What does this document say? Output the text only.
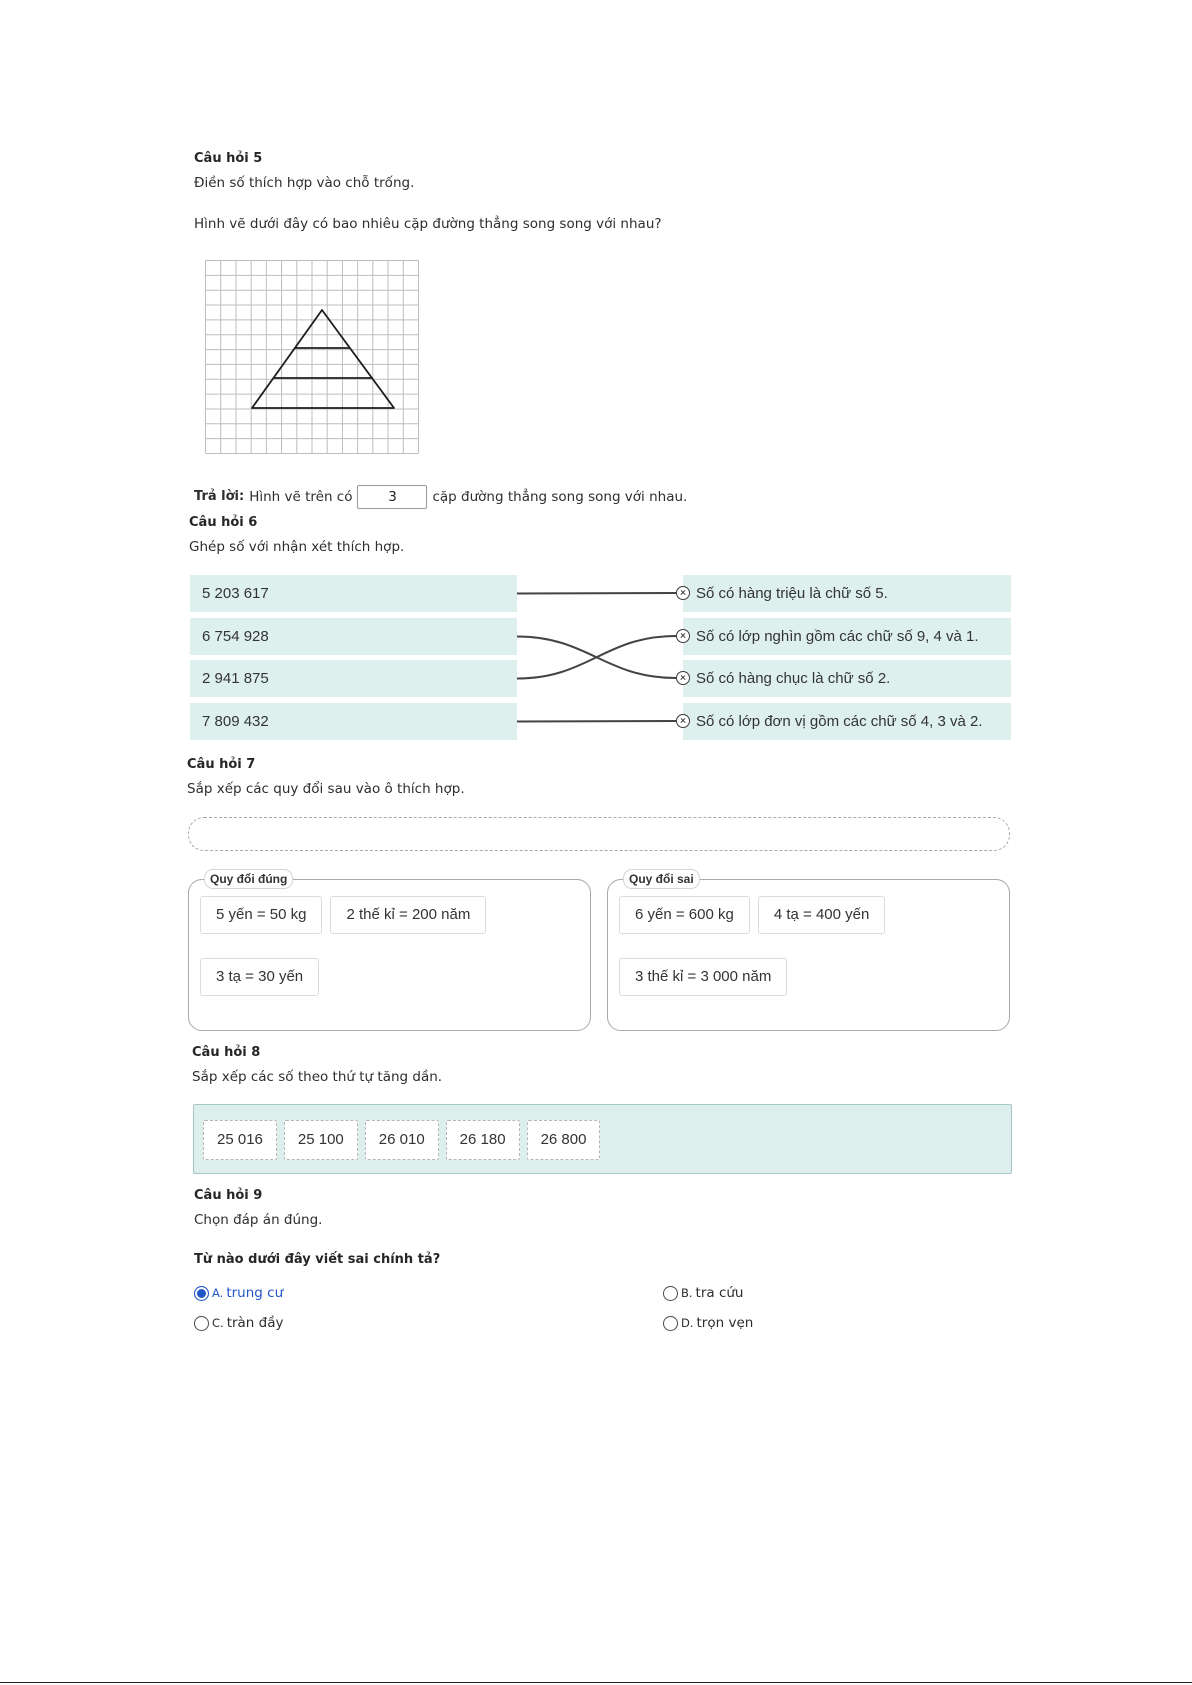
Câu hỏi 5
Điền số thích hợp vào chỗ trống.
Hình vẽ dưới đây có bao nhiêu cặp đường thẳng song song với nhau?
Trả lời: Hình vẽ trên có
3	cặp đường thẳng song song với nhau.
Câu hỏi 6
Ghép số với nhận xét thích hợp.
5 203 617
6 754 928
2 941 875
7 809 432
Số có hàng triệu là chữ số 5.
Số có lớp nghìn gồm các chữ số 9, 4 và 1.
Số có hàng chục là chữ số 2.
Số có lớp đơn vị gồm các chữ số 4, 3 và 2.
Câu hỏi 7
Sắp xếp các quy đổi sau vào ô thích hợp.
Quy đổi đúng
5 yến = 50 kg	2 thế kỉ = 200 năm
3 tạ = 30 yến
Quy đổi sai
6 yến = 600 kg	4 tạ = 400 yến
3 thế kỉ = 3 000 năm
Câu hỏi 8
Sắp xếp các số theo thứ tự tăng dần.
25 016	25 100	26 010	26 180	26 800
Câu hỏi 9
Chọn đáp án đúng.
Từ nào dưới đây viết sai chính tả?
A. trung cư	B. tra cứu
C. tràn đầy	D. trọn vẹn
